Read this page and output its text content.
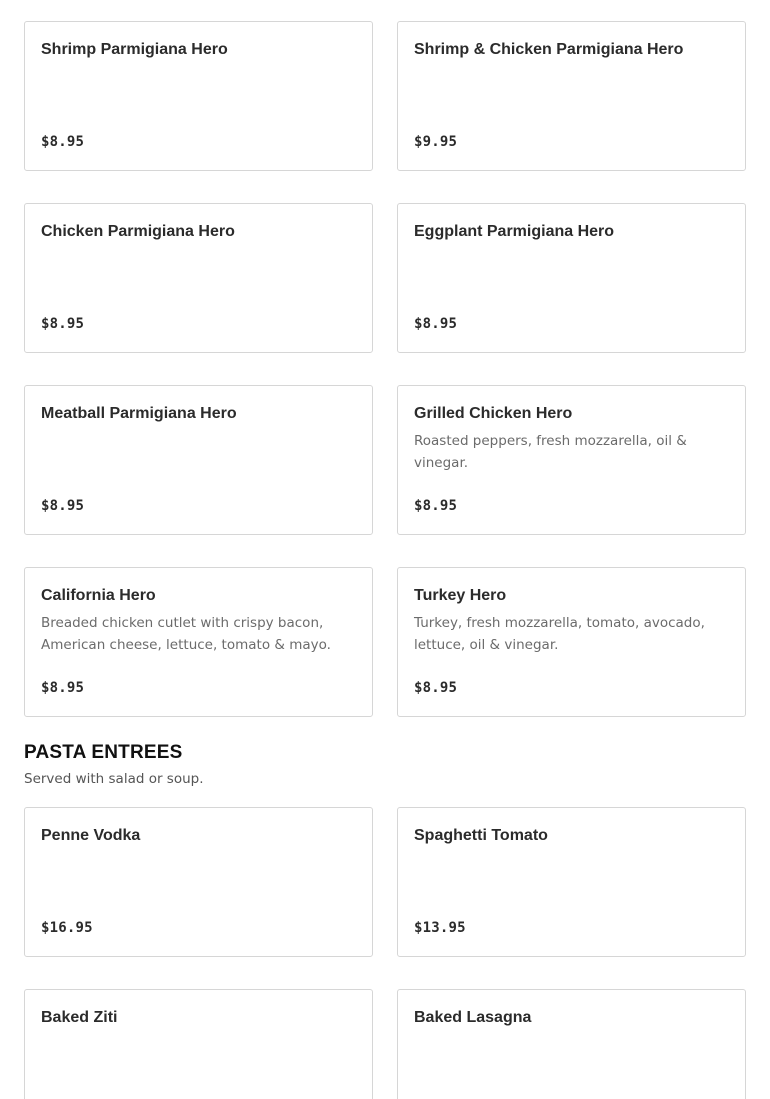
Shrimp Parmigiana Hero
$8.95
Shrimp & Chicken Parmigiana Hero
$9.95
Chicken Parmigiana Hero
$8.95
Eggplant Parmigiana Hero
$8.95
Meatball Parmigiana Hero
$8.95
Grilled Chicken Hero
Roasted peppers, fresh mozzarella, oil & vinegar.
$8.95
California Hero
Breaded chicken cutlet with crispy bacon, American cheese, lettuce, tomato & mayo.
$8.95
Turkey Hero
Turkey, fresh mozzarella, tomato, avocado, lettuce, oil & vinegar.
$8.95
PASTA ENTREES
Served with salad or soup.
Penne Vodka
$16.95
Spaghetti Tomato
$13.95
Baked Ziti	Baked Lasagna
